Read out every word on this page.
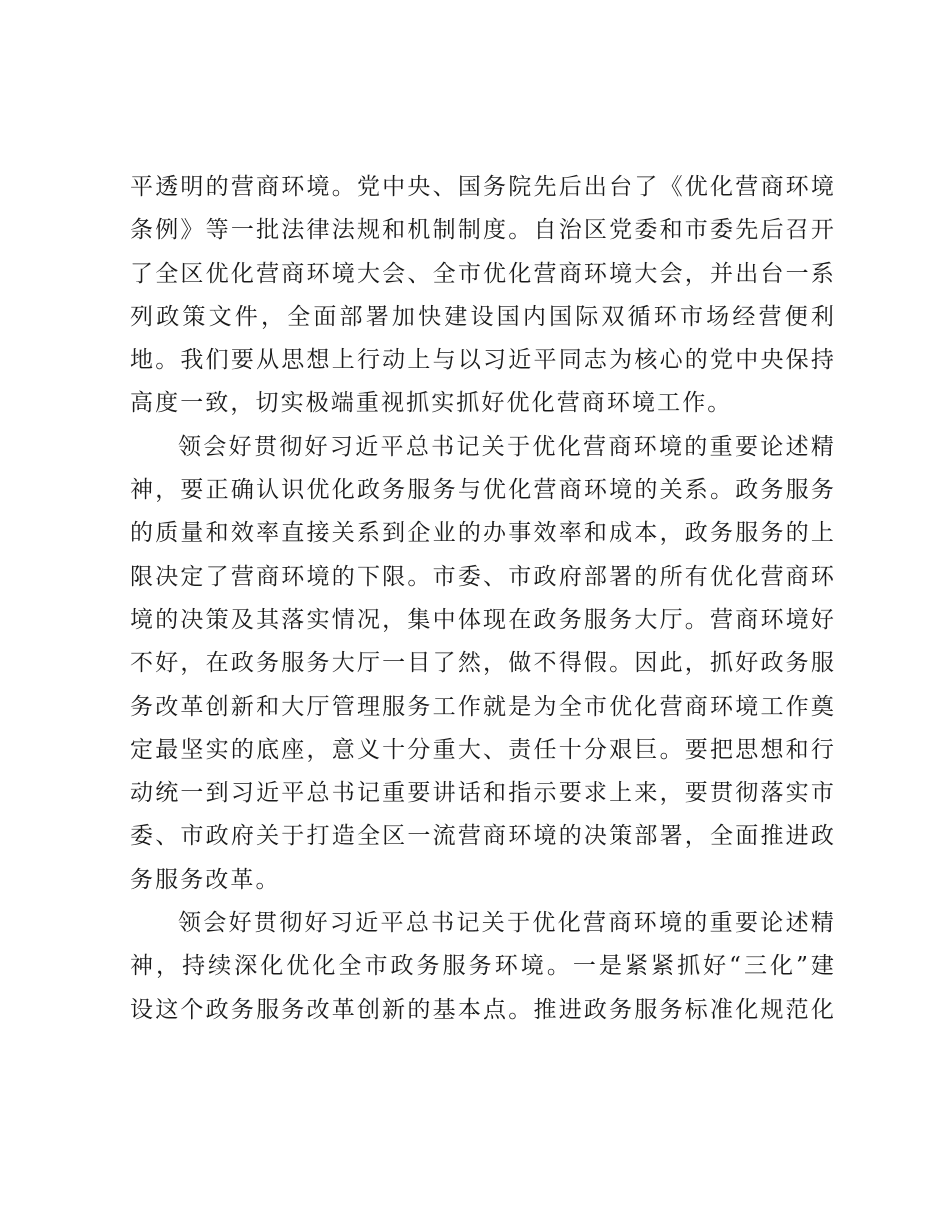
平透明的营商环境。党中央、国务院先后出台了《优化营商环境
条例》等一批法律法规和机制制度。自治区党委和市委先后召开
了全区优化营商环境大会、全市优化营商环境大会，并出台一系
列政策文件，全面部署加快建设国内国际双循环市场经营便利
地。我们要从思想上行动上与以习近平同志为核心的党中央保持
高度一致，切实极端重视抓实抓好优化营商环境工作。
领会好贯彻好习近平总书记关于优化营商环境的重要论述精
神，要正确认识优化政务服务与优化营商环境的关系。政务服务
的质量和效率直接关系到企业的办事效率和成本，政务服务的上
限决定了营商环境的下限。市委、市政府部署的所有优化营商环
境的决策及其落实情况，集中体现在政务服务大厅。营商环境好
不好，在政务服务大厅一目了然，做不得假。因此，抓好政务服
务改革创新和大厅管理服务工作就是为全市优化营商环境工作奠
定最坚实的底座，意义十分重大、责任十分艰巨。要把思想和行
动统一到习近平总书记重要讲话和指示要求上来，要贯彻落实市
委、市政府关于打造全区一流营商环境的决策部署，全面推进政
务服务改革。
领会好贯彻好习近平总书记关于优化营商环境的重要论述精
神，持续深化优化全市政务服务环境。一是紧紧抓好“三化”建
设这个政务服务改革创新的基本点。推进政务服务标准化规范化
